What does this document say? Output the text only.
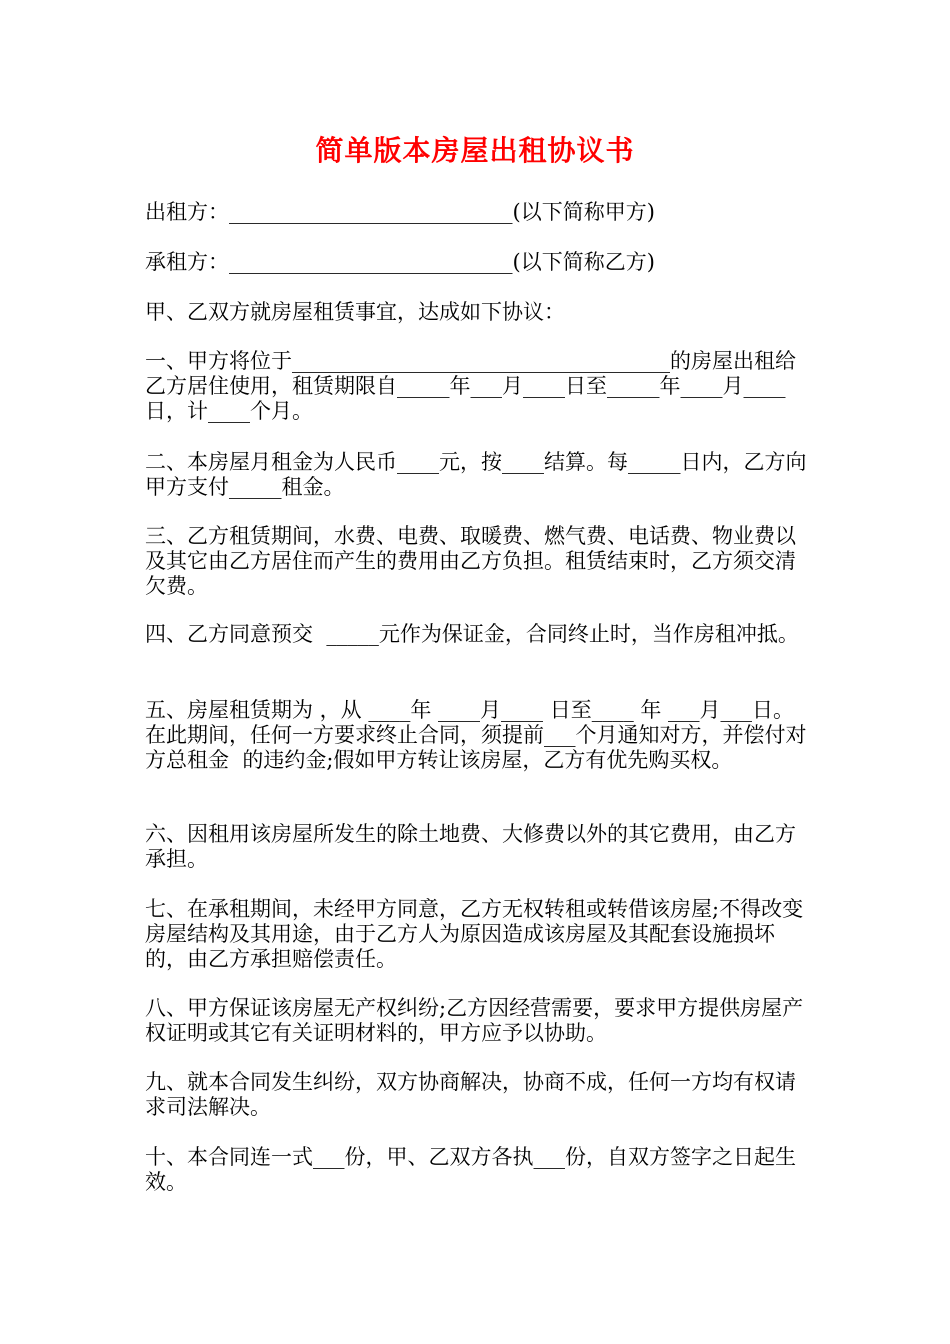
简单版本房屋出租协议书
出租方：___________________________(以下简称甲方)
承租方：___________________________(以下简称乙方)
甲、乙双方就房屋租赁事宜，达成如下协议：
一、甲方将位于____________________________________的房屋出租给乙方居住使用，租赁期限自_____年___月____日至_____年____月____日，计____个月。
二、本房屋月租金为人民币____元，按____结算。每_____日内，乙方向甲方支付_____租金。
三、乙方租赁期间，水费、电费、取暖费、燃气费、电话费、物业费以及其它由乙方居住而产生的费用由乙方负担。租赁结束时，乙方须交清欠费。
四、乙方同意预交  _____元作为保证金，合同终止时，当作房租冲抵。
五、房屋租赁期为 ，从 ____年 ____月____ 日至____ 年 ___月___日。在此期间，任何一方要求终止合同，须提前___个月通知对方，并偿付对方总租金  的违约金;假如甲方转让该房屋，乙方有优先购买权。
六、因租用该房屋所发生的除土地费、大修费以外的其它费用，由乙方承担。
七、在承租期间，未经甲方同意，乙方无权转租或转借该房屋;不得改变房屋结构及其用途，由于乙方人为原因造成该房屋及其配套设施损坏的，由乙方承担赔偿责任。
八、甲方保证该房屋无产权纠纷;乙方因经营需要，要求甲方提供房屋产权证明或其它有关证明材料的，甲方应予以协助。
九、就本合同发生纠纷，双方协商解决，协商不成，任何一方均有权请求司法解决。
十、本合同连一式___份，甲、乙双方各执___份，自双方签字之日起生效。
